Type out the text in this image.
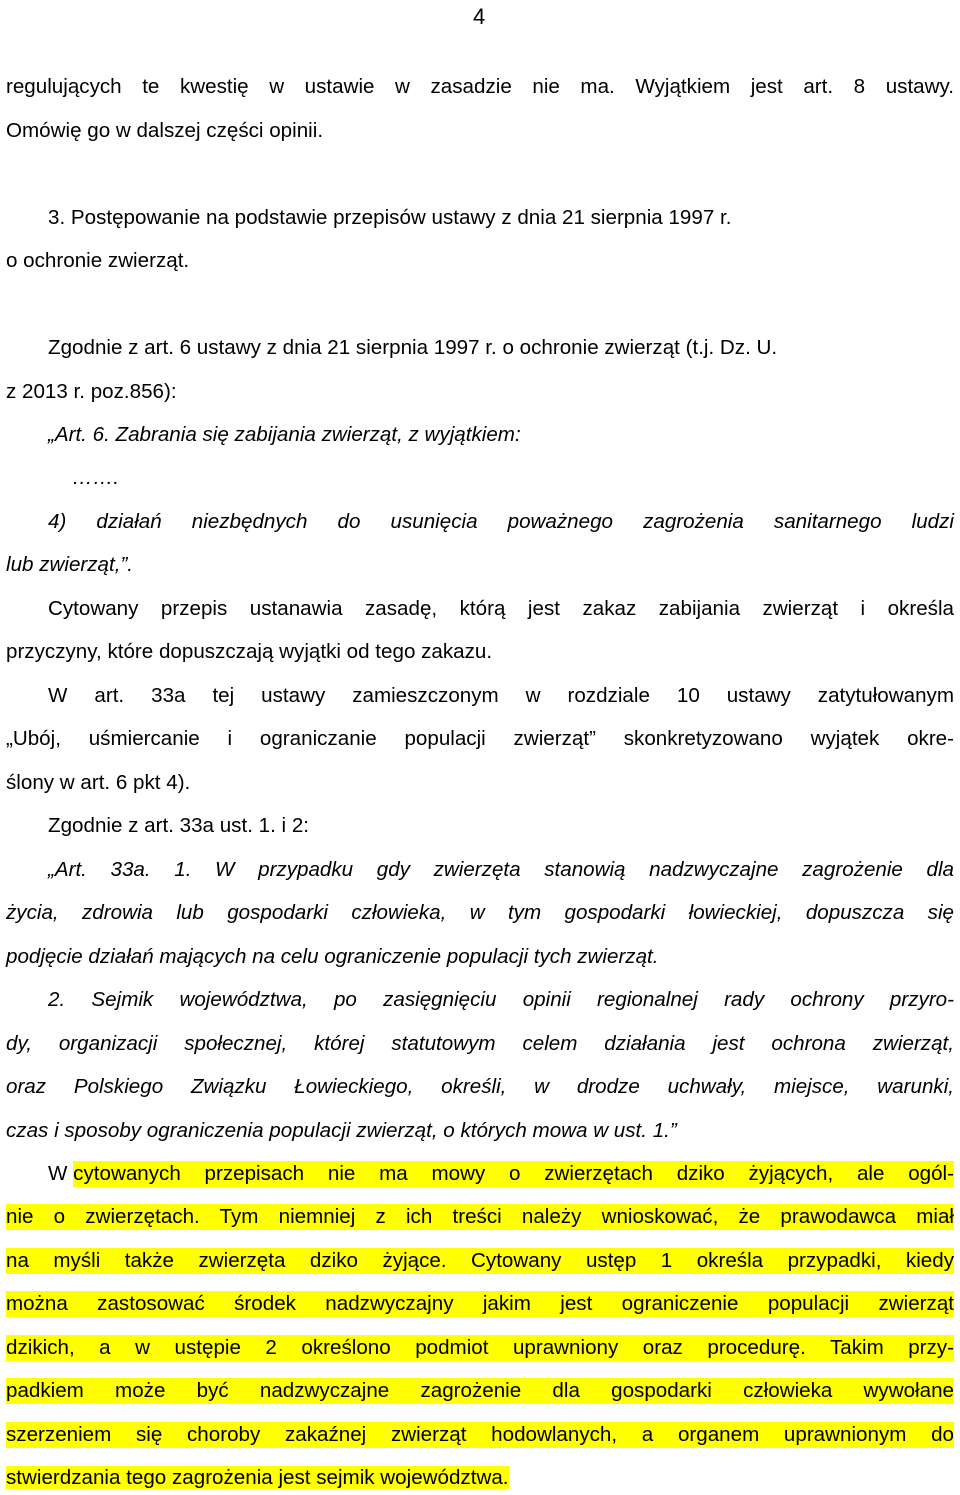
4
regulujących te kwestię w ustawie w zasadzie nie ma. Wyjątkiem jest art. 8 ustawy.
Omówię go w dalszej części opinii.
3. Postępowanie na podstawie przepisów ustawy z dnia 21 sierpnia 1997 r.
o ochronie zwierząt.
Zgodnie z art. 6 ustawy z dnia 21 sierpnia 1997 r. o ochronie zwierząt (t.j. Dz. U.
z 2013 r. poz.856):
„Art. 6. Zabrania się zabijania zwierząt, z wyjątkiem:
…….
4) działań niezbędnych do usunięcia poważnego zagrożenia sanitarnego ludzi
lub zwierząt,”.
Cytowany przepis ustanawia zasadę, którą jest zakaz zabijania zwierząt i określa
przyczyny, które dopuszczają wyjątki od tego zakazu.
W art. 33a tej ustawy zamieszczonym w rozdziale 10 ustawy zatytułowanym
„Ubój, uśmiercanie i ograniczanie populacji zwierząt” skonkretyzowano wyjątek okre-
ślony w art. 6 pkt 4).
Zgodnie z art. 33a ust. 1. i 2:
„Art. 33a. 1. W przypadku gdy zwierzęta stanowią nadzwyczajne zagrożenie dla
życia, zdrowia lub gospodarki człowieka, w tym gospodarki łowieckiej, dopuszcza się
podjęcie działań mających na celu ograniczenie populacji tych zwierząt.
2. Sejmik województwa, po zasięgnięciu opinii regionalnej rady ochrony przyro-
dy, organizacji społecznej, której statutowym celem działania jest ochrona zwierząt,
oraz Polskiego Związku Łowieckiego, określi, w drodze uchwały, miejsce, warunki,
czas i sposoby ograniczenia populacji zwierząt, o których mowa w ust. 1.”
W cytowanych przepisach nie ma mowy o zwierzętach dziko żyjących, ale ogól-
nie o zwierzętach. Tym niemniej z ich treści należy wnioskować, że prawodawca miał
na myśli także zwierzęta dziko żyjące. Cytowany ustęp 1 określa przypadki, kiedy
można zastosować środek nadzwyczajny jakim jest ograniczenie populacji zwierząt
dzikich, a w ustępie 2 określono podmiot uprawniony oraz procedurę. Takim przy-
padkiem może być nadzwyczajne zagrożenie dla gospodarki człowieka wywołane
szerzeniem się choroby zakaźnej zwierząt hodowlanych, a organem uprawnionym do
stwierdzania tego zagrożenia jest sejmik województwa.
